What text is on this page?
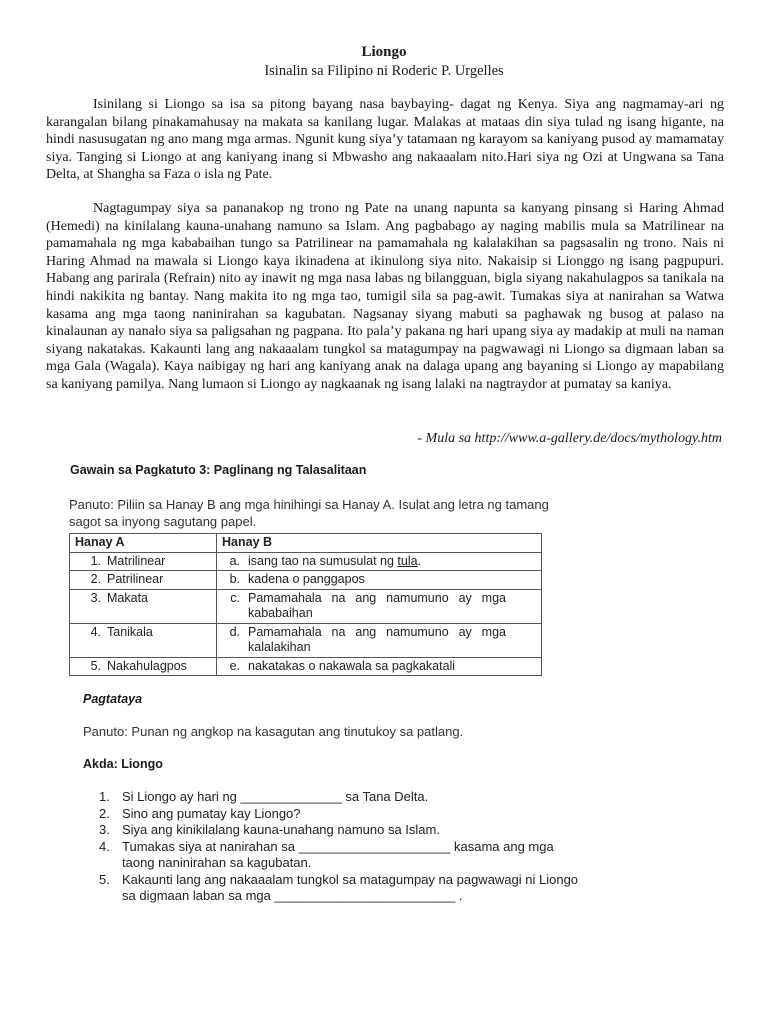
Liongo
Isinalin sa Filipino ni Roderic P. Urgelles

Isinilang si Liongo sa isa sa pitong bayang nasa baybaying- dagat ng Kenya. Siya ang nagmamay-ari ng karangalan bilang pinakamahusay na makata sa kanilang lugar. Malakas at mataas din siya tulad ng isang higante, na hindi nasusugatan ng ano mang mga armas. Ngunit kung siya’y tatamaan ng karayom sa kaniyang pusod ay mamamatay siya. Tanging si Liongo at ang kaniyang inang si Mbwasho ang nakaaalam nito.Hari siya ng Ozi at Ungwana sa Tana Delta, at Shangha sa Faza o isla ng Pate.

Nagtagumpay siya sa pananakop ng trono ng Pate na unang napunta sa kanyang pinsang si Haring Ahmad (Hemedi) na kinilalang kauna-unahang namuno sa Islam. Ang pagbabago ay naging mabilis mula sa Matrilinear na pamamahala ng mga kababaihan tungo sa Patrilinear na pamamahala ng kalalakihan sa pagsasalin ng trono. Nais ni Haring Ahmad na mawala si Liongo kaya ikinadena at ikinulong siya nito. Nakaisip si Lionggo ng isang pagpupuri. Habang ang parirala (Refrain) nito ay inawit ng mga nasa labas ng bilangguan, bigla siyang nakahulagpos sa tanikala na hindi nakikita ng bantay. Nang makita ito ng mga tao, tumigil sila sa pag-awit. Tumakas siya at nanirahan sa Watwa kasama ang mga taong naninirahan sa kagubatan. Nagsanay siyang mabuti sa paghawak ng busog at palaso na kinalaunan ay nanalo siya sa paligsahan ng pagpana. Ito pala’y pakana ng hari upang siya ay madakip at muli na naman siyang nakatakas. Kakaunti lang ang nakaaalam tungkol sa matagumpay na pagwawagi ni Liongo sa digmaan laban sa mga Gala (Wagala). Kaya naibigay ng hari ang kaniyang anak na dalaga upang ang bayaning si Liongo ay mapabilang sa kaniyang pamilya. Nang lumaon si Liongo ay nagkaanak ng isang lalaki na nagtraydor at pumatay sa kaniya.

- Mula sa http://www.a-gallery.de/docs/mythology.htm
Gawain sa Pagkatuto 3: Paglinang ng Talasalitaan
Panuto: Piliin sa Hanay B ang mga hinihingi sa Hanay A. Isulat ang letra ng tamang sagot sa inyong sagutang papel.
Hanay A	Hanay B
1. Matrilinear	a. isang tao na sumusulat ng tula.
2. Patrilinear	b. kadena o panggapos
3. Makata	c. Pamamahala na ang namumuno ay mga kababaihan
4. Tanikala	d. Pamamahala na ang namumuno ay mga kalalakihan
5. Nakahulagpos	e. nakatakas o nakawala sa pagkakatali
Pagtataya
Panuto: Punan ng angkop na kasagutan ang tinutukoy sa patlang.
Akda: Liongo
1. Si Liongo ay hari ng ______________ sa Tana Delta.
2. Sino ang pumatay kay Liongo?
3. Siya ang kinikilalang kauna-unahang namuno sa Islam.
4. Tumakas siya at nanirahan sa _____________________ kasama ang mga taong naninirahan sa kagubatan.
5. Kakaunti lang ang nakaaalam tungkol sa matagumpay na pagwawagi ni Liongo sa digmaan laban sa mga _________________________ .
